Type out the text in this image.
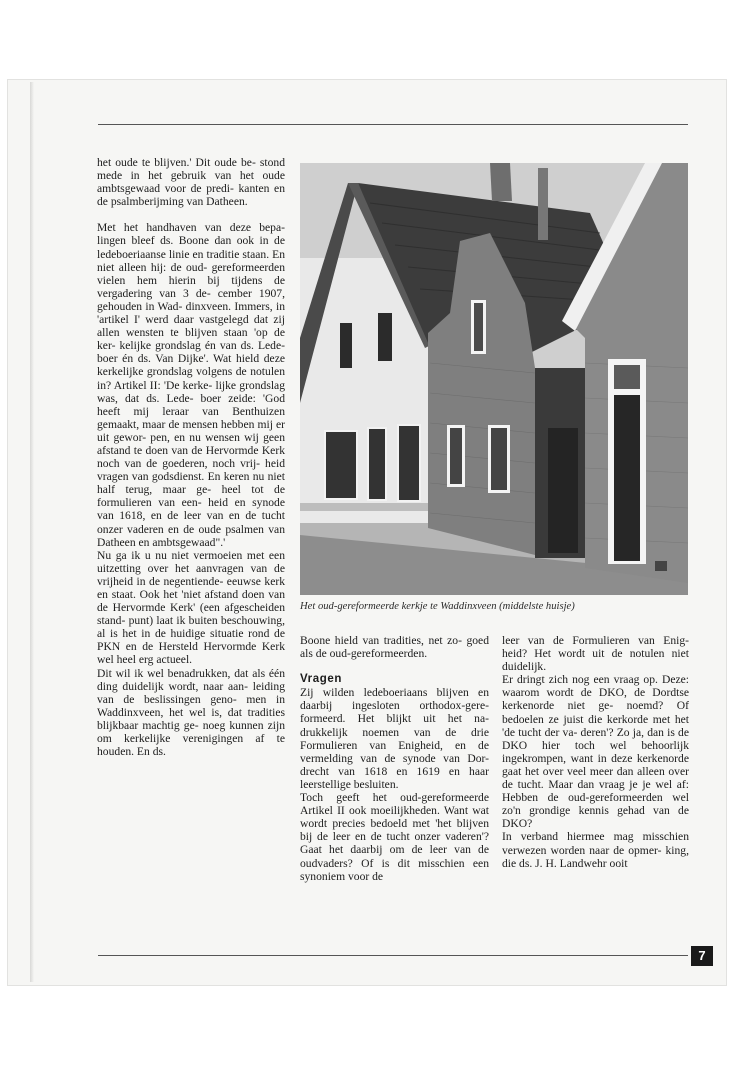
het oude te blijven.' Dit oude be- stond mede in het gebruik van het oude ambtsgewaad voor de predi- kanten en de psalmberijming van Datheen.

Met het handhaven van deze bepa- lingen bleef ds. Boone dan ook in de ledeboeriaanse linie en traditie staan. En niet alleen hij: de oud- gereformeerden vielen hem hierin bij tijdens de vergadering van 3 de- cember 1907, gehouden in Wad- dinxveen. Immers, in 'artikel I' werd daar vastgelegd dat zij allen wensten te blijven staan 'op de ker- kelijke grondslag én van ds. Lede- boer én ds. Van Dijke'. Wat hield deze kerkelijke grondslag volgens de notulen in? Artikel II: 'De kerke- lijke grondslag was, dat ds. Lede- boer zeide: 'God heeft mij leraar van Benthuizen gemaakt, maar de mensen hebben mij er uit gewor- pen, en nu wensen wij geen afstand te doen van de Hervormde Kerk noch van de goederen, noch vrij- heid vragen van godsdienst. En keren nu niet half terug, maar ge- heel tot de formulieren van een- heid en synode van 1618, en de leer van en de tucht onzer vaderen en de oude psalmen van Datheen en ambtsgewaad".'

Nu ga ik u nu niet vermoeien met een uitzetting over het aanvragen van de vrijheid in de negentiende- eeuwse kerk en staat. Ook het 'niet afstand doen van de Hervormde Kerk' (een afgescheiden stand- punt) laat ik buiten beschouwing, al is het in de huidige situatie rond de PKN en de Hersteld Hervormde Kerk wel heel erg actueel.

Dit wil ik wel benadrukken, dat als één ding duidelijk wordt, naar aan- leiding van de beslissingen geno- men in Waddinxveen, het wel is, dat tradities blijkbaar machtig ge- noeg kunnen zijn om kerkelijke verenigingen af te houden. En ds.

Het oud-gereformeerde kerkje te Waddinxveen (middelste huisje)

Boone hield van tradities, net zo- goed als de oud-gereformeerden.

Vragen

Zij wilden ledeboeriaans blijven en daarbij ingesloten orthodox-gere- formeerd. Het blijkt uit het na- drukkelijk noemen van de drie Formulieren van Enigheid, en de vermelding van de synode van Dor- drecht van 1618 en 1619 en haar leerstellige besluiten.

Toch geeft het oud-gereformeerde Artikel II ook moeilijkheden. Want wat wordt precies bedoeld met 'het blijven bij de leer en de tucht onzer vaderen'? Gaat het daarbij om de leer van de oudvaders? Of is dit misschien een synoniem voor de

leer van de Formulieren van Enig- heid? Het wordt uit de notulen niet duidelijk.

Er dringt zich nog een vraag op. Deze: waarom wordt de DKO, de Dordtse kerkenorde niet ge- noemd? Of bedoelen ze juist die kerkorde met het 'de tucht der va- deren'? Zo ja, dan is de DKO hier toch wel behoorlijk ingekrompen, want in deze kerkenorde gaat het over veel meer dan alleen over de tucht. Maar dan vraag je je wel af: Hebben de oud-gereformeerden wel zo'n grondige kennis gehad van de DKO?

In verband hiermee mag misschien verwezen worden naar de opmer- king, die ds. J. H. Landwehr ooit

7
